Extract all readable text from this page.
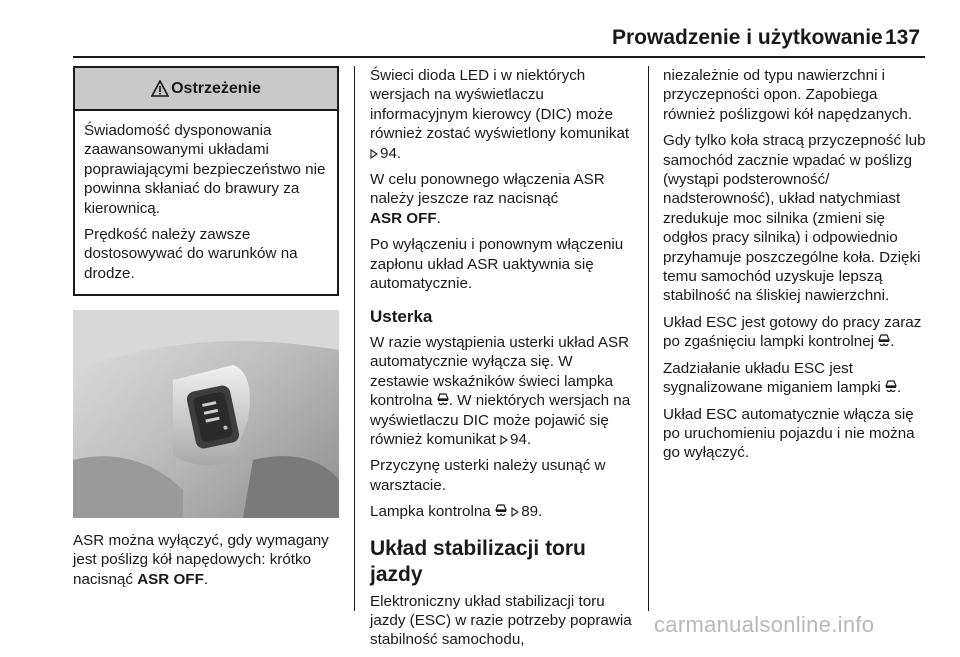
Prowadzenie i użytkowanie 137
Ostrzeżenie

Świadomość dysponowania zaawansowanymi układami poprawiającymi bezpieczeństwo nie powinna skłaniać do brawury za kierownicą.

Prędkość należy zawsze dostosowywać do warunków na drodze.

ASR można wyłączyć, gdy wymagany jest poślizg kół napędowych: krótko nacisnąć ASR OFF.

Świeci dioda LED i w niektórych wersjach na wyświetlaczu informacyjnym kierowcy (DIC) może również zostać wyświetlony komunikat 94.

W celu ponownego włączenia ASR należy jeszcze raz nacisnąć
ASR OFF.

Po wyłączeniu i ponownym włączeniu zapłonu układ ASR uaktywnia się automatycznie.

Usterka

W razie wystąpienia usterki układ ASR automatycznie wyłącza się. W zestawie wskaźników świeci lampka kontrolna . W niektórych wersjach na wyświetlaczu DIC może pojawić się również komunikat 94.

Przyczynę usterki należy usunąć w warsztacie.

Lampka kontrolna 89.

Układ stabilizacji toru jazdy

Elektroniczny układ stabilizacji toru jazdy (ESC) w razie potrzeby poprawia stabilność samochodu,

niezależnie od typu nawierzchni i przyczepności opon. Zapobiega również poślizgowi kół napędzanych.

Gdy tylko koła stracą przyczepność lub samochód zacznie wpadać w poślizg (wystąpi podsterowność/ nadsterowność), układ natychmiast zredukuje moc silnika (zmieni się odgłos pracy silnika) i odpowiednio przyhamuje poszczególne koła. Dzięki temu samochód uzyskuje lepszą stabilność na śliskiej nawierzchni.

Układ ESC jest gotowy do pracy zaraz po zgaśnięciu lampki kontrolnej .

Zadziałanie układu ESC jest sygnalizowane miganiem lampki .

Układ ESC automatycznie włącza się po uruchomieniu pojazdu i nie można go wyłączyć.

carmanualsonline.info
